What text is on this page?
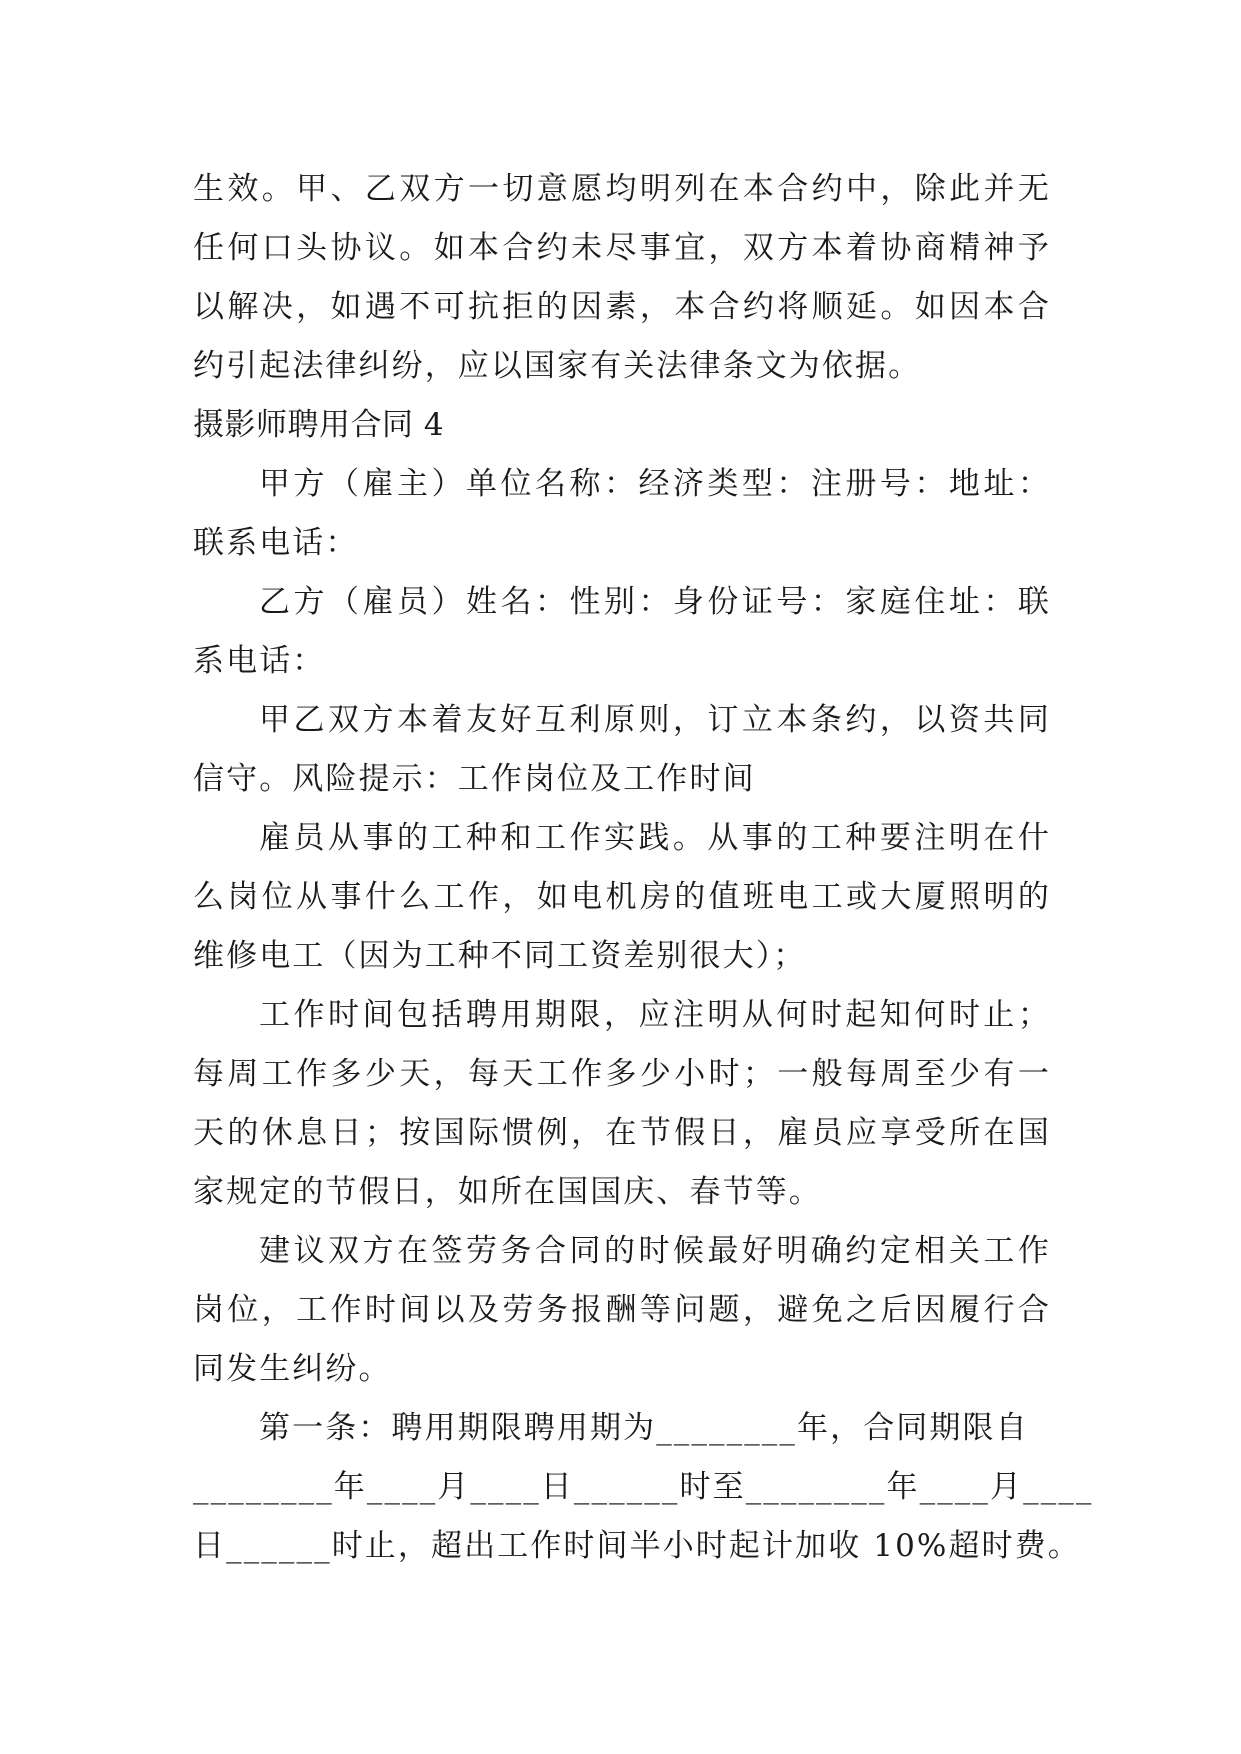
生效。甲、乙双方一切意愿均明列在本合约中，除此并无任何口头协议。如本合约未尽事宜，双方本着协商精神予以解决，如遇不可抗拒的因素，本合约将顺延。如因本合约引起法律纠纷，应以国家有关法律条文为依据。

摄影师聘用合同 4

甲方（雇主）单位名称：经济类型：注册号：地址：联系电话：

乙方（雇员）姓名：性别：身份证号：家庭住址：联系电话：

甲乙双方本着友好互利原则，订立本条约，以资共同信守。风险提示：工作岗位及工作时间

雇员从事的工种和工作实践。从事的工种要注明在什么岗位从事什么工作，如电机房的值班电工或大厦照明的维修电工（因为工种不同工资差别很大）；

工作时间包括聘用期限，应注明从何时起知何时止；每周工作多少天，每天工作多少小时；一般每周至少有一天的休息日；按国际惯例，在节假日，雇员应享受所在国家规定的节假日，如所在国国庆、春节等。

建议双方在签劳务合同的时候最好明确约定相关工作岗位，工作时间以及劳务报酬等问题，避免之后因履行合同发生纠纷。

第一条：聘用期限聘用期为________年，合同期限自
________年____月____日______时至________年____月____
日______时止，超出工作时间半小时起计加收 10%超时费。
